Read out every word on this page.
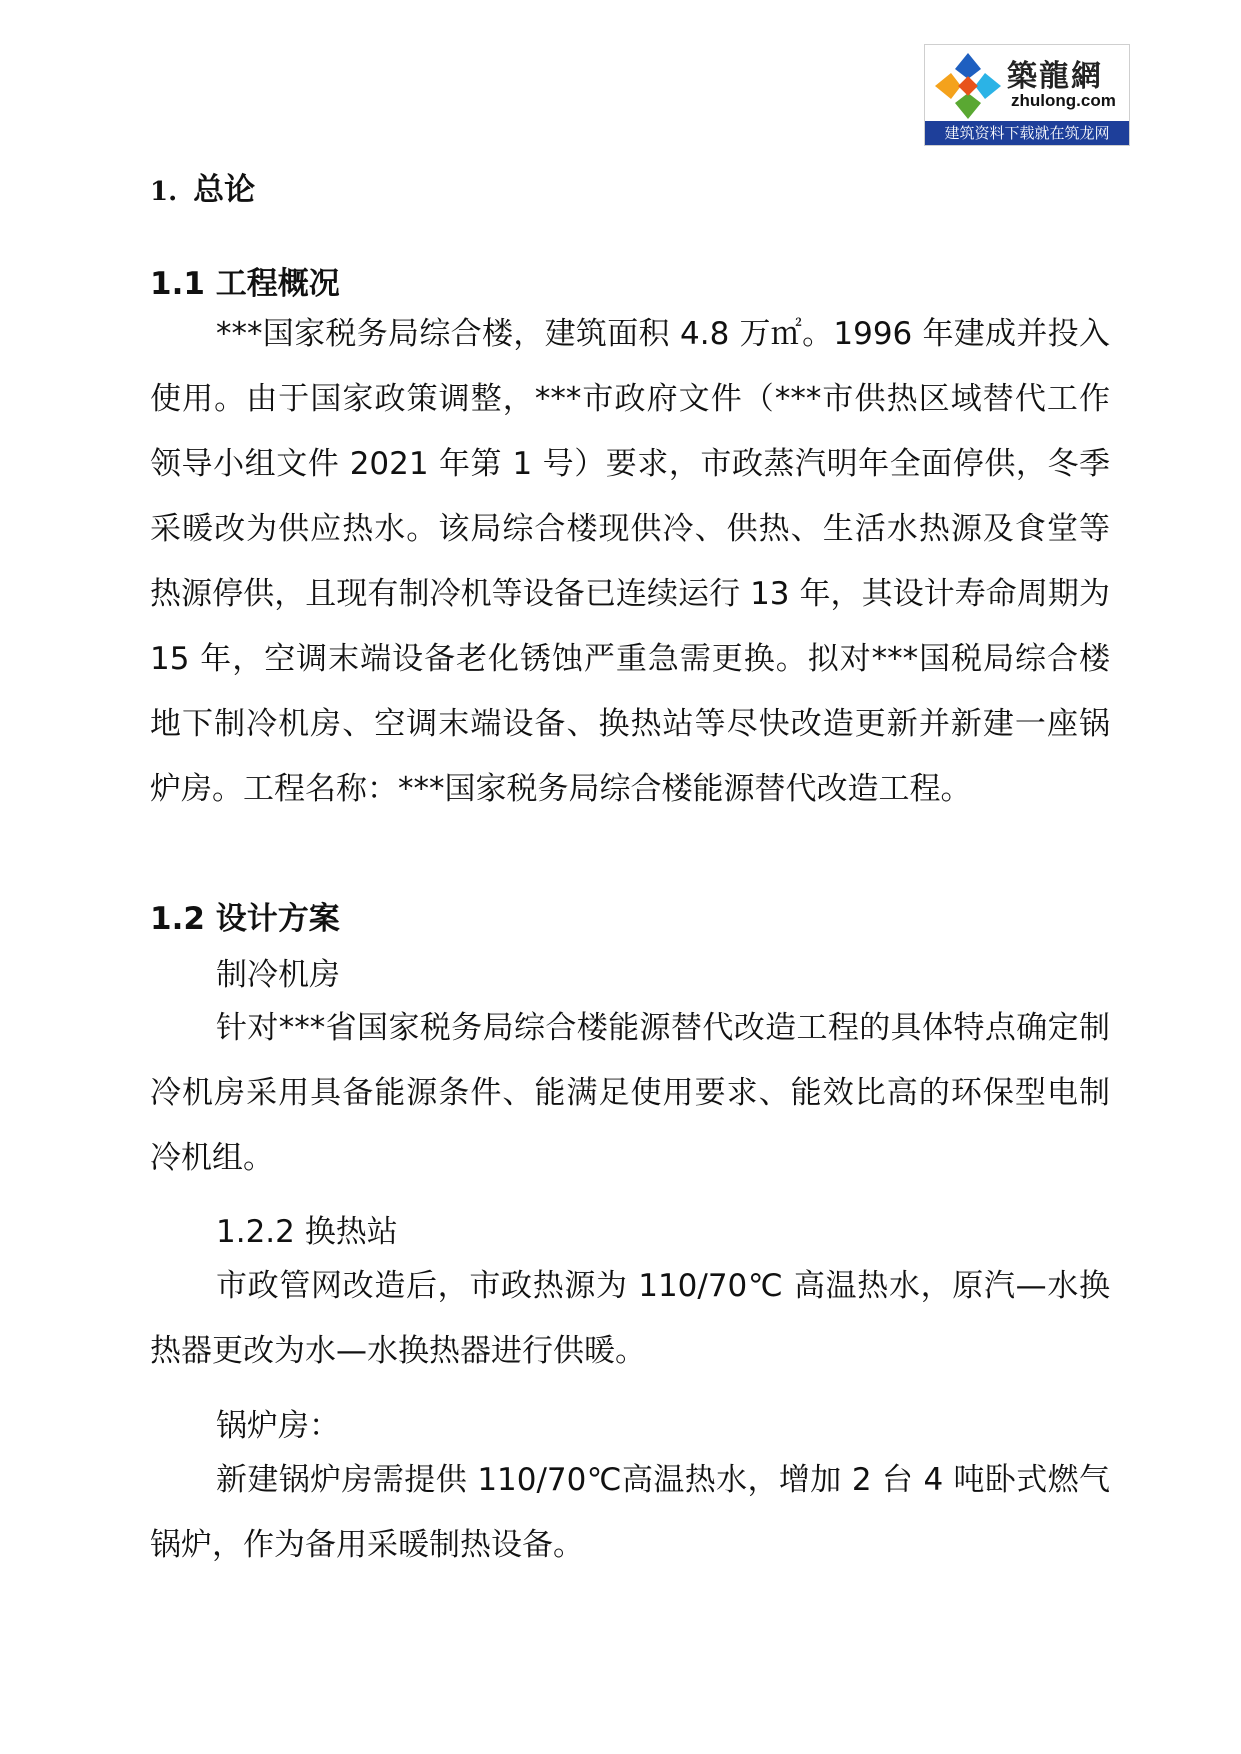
築龍網
zhulong.com
建筑资料下载就在筑龙网
1. 总论
1.1 工程概况

***国家税务局综合楼，建筑面积 4.8 万㎡。1996 年建成并投入使用。由于国家政策调整，***市政府文件（***市供热区域替代工作领导小组文件 2021 年第 1 号）要求，市政蒸汽明年全面停供，冬季采暖改为供应热水。该局综合楼现供冷、供热、生活水热源及食堂等热源停供，且现有制冷机等设备已连续运行 13 年，其设计寿命周期为 15 年，空调末端设备老化锈蚀严重急需更换。拟对***国税局综合楼地下制冷机房、空调末端设备、换热站等尽快改造更新并新建一座锅炉房。工程名称：***国家税务局综合楼能源替代改造工程。

1.2 设计方案
制冷机房

针对***省国家税务局综合楼能源替代改造工程的具体特点确定制冷机房采用具备能源条件、能满足使用要求、能效比高的环保型电制冷机组。

1.2.2 换热站

市政管网改造后，市政热源为 110/70℃ 高温热水，原汽—水换热器更改为水—水换热器进行供暖。

锅炉房：

新建锅炉房需提供 110/70℃高温热水，增加 2 台 4 吨卧式燃气锅炉，作为备用采暖制热设备。
